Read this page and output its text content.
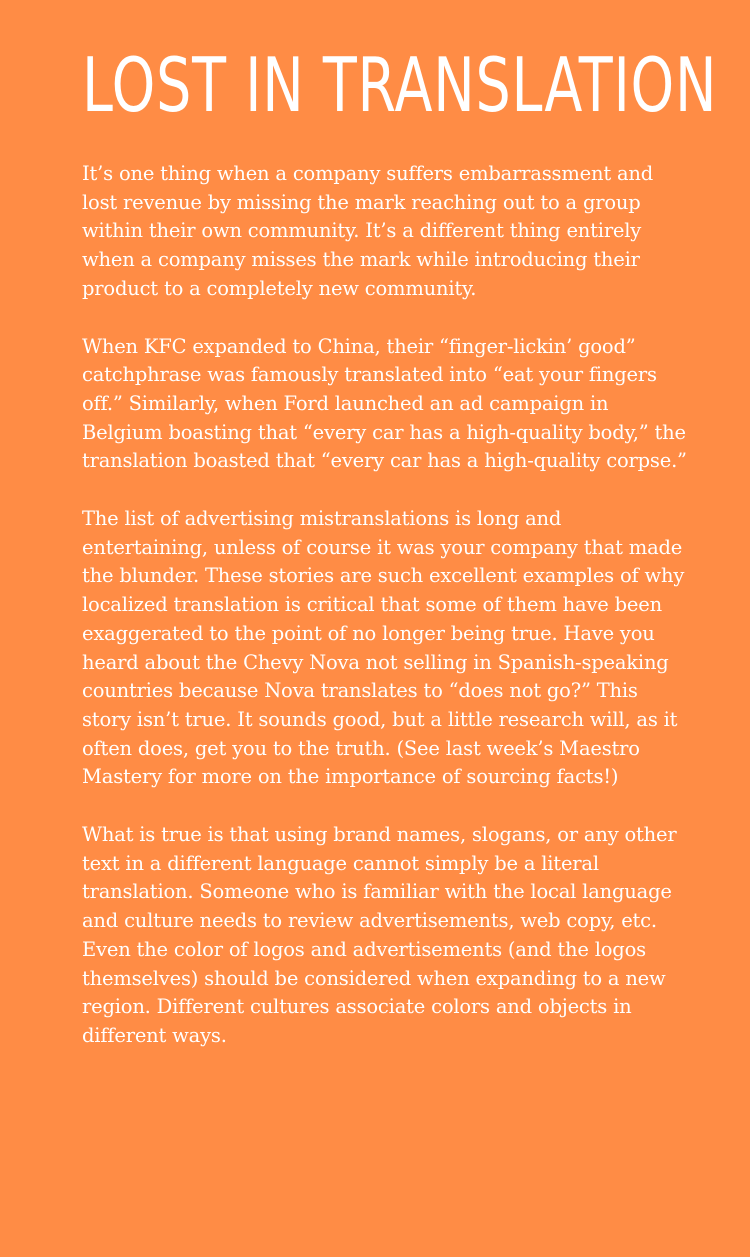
LOST IN TRANSLATION

It’s one thing when a company suffers embarrassment and lost revenue by missing the mark reaching out to a group within their own community. It’s a different thing entirely when a company misses the mark while introducing their product to a completely new community.

When KFC expanded to China, their “finger-lickin’ good” catchphrase was famously translated into “eat your fingers off.” Similarly, when Ford launched an ad campaign in Belgium boasting that “every car has a high-quality body,” the translation boasted that “every car has a high-quality corpse.”

The list of advertising mistranslations is long and entertaining, unless of course it was your company that made the blunder. These stories are such excellent examples of why localized translation is critical that some of them have been exaggerated to the point of no longer being true. Have you heard about the Chevy Nova not selling in Spanish-speaking countries because Nova translates to “does not go?” This story isn’t true. It sounds good, but a little research will, as it often does, get you to the truth. (See last week’s Maestro Mastery for more on the importance of sourcing facts!)

What is true is that using brand names, slogans, or any other text in a different language cannot simply be a literal translation. Someone who is familiar with the local language and culture needs to review advertisements, web copy, etc. Even the color of logos and advertisements (and the logos themselves) should be considered when expanding to a new region. Different cultures associate colors and objects in different ways.
